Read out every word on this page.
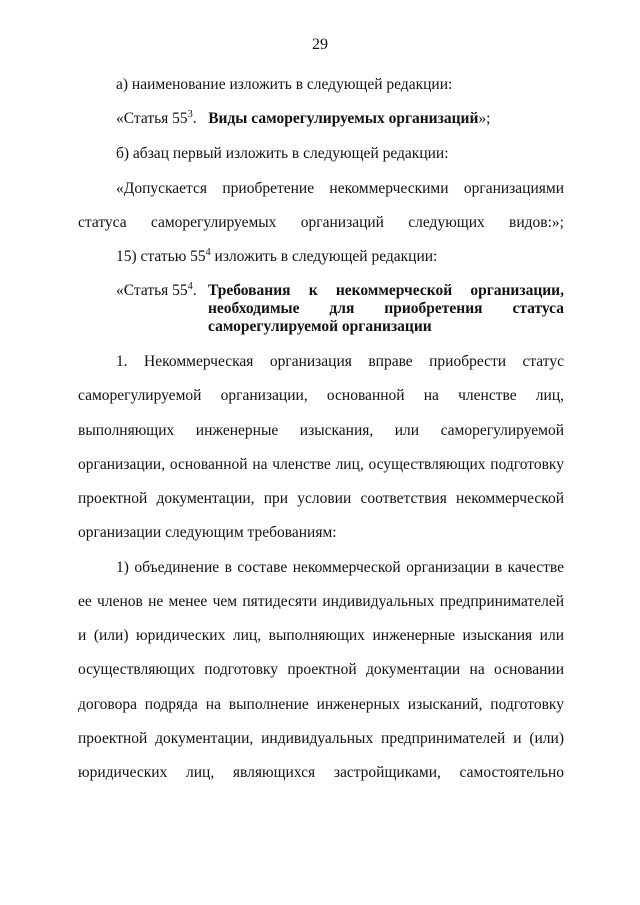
29
а) наименование изложить в следующей редакции:
«Статья $55^3$. Виды саморегулируемых организаций»;
б) абзац первый изложить в следующей редакции:
«Допускается приобретение некоммерческими организациями
статуса саморегулируемых организаций следующих видов:»;
15) статью $55^4$ изложить в следующей редакции:
«Статья $55^4$. Требования к некоммерческой организации,
необходимые для приобретения статуса
саморегулируемой организации
1. Некоммерческая организация вправе приобрести статус
саморегулируемой организации, основанной на членстве лиц,
выполняющих инженерные изыскания, или саморегулируемой
организации, основанной на членстве лиц, осуществляющих подготовку
проектной документации, при условии соответствия некоммерческой
организации следующим требованиям:
1) объединение в составе некоммерческой организации в качестве
ее членов не менее чем пятидесяти индивидуальных предпринимателей
и (или) юридических лиц, выполняющих инженерные изыскания или
осуществляющих подготовку проектной документации на основании
договора подряда на выполнение инженерных изысканий, подготовку
проектной документации, индивидуальных предпринимателей и (или)
юридических лиц, являющихся застройщиками, самостоятельно
